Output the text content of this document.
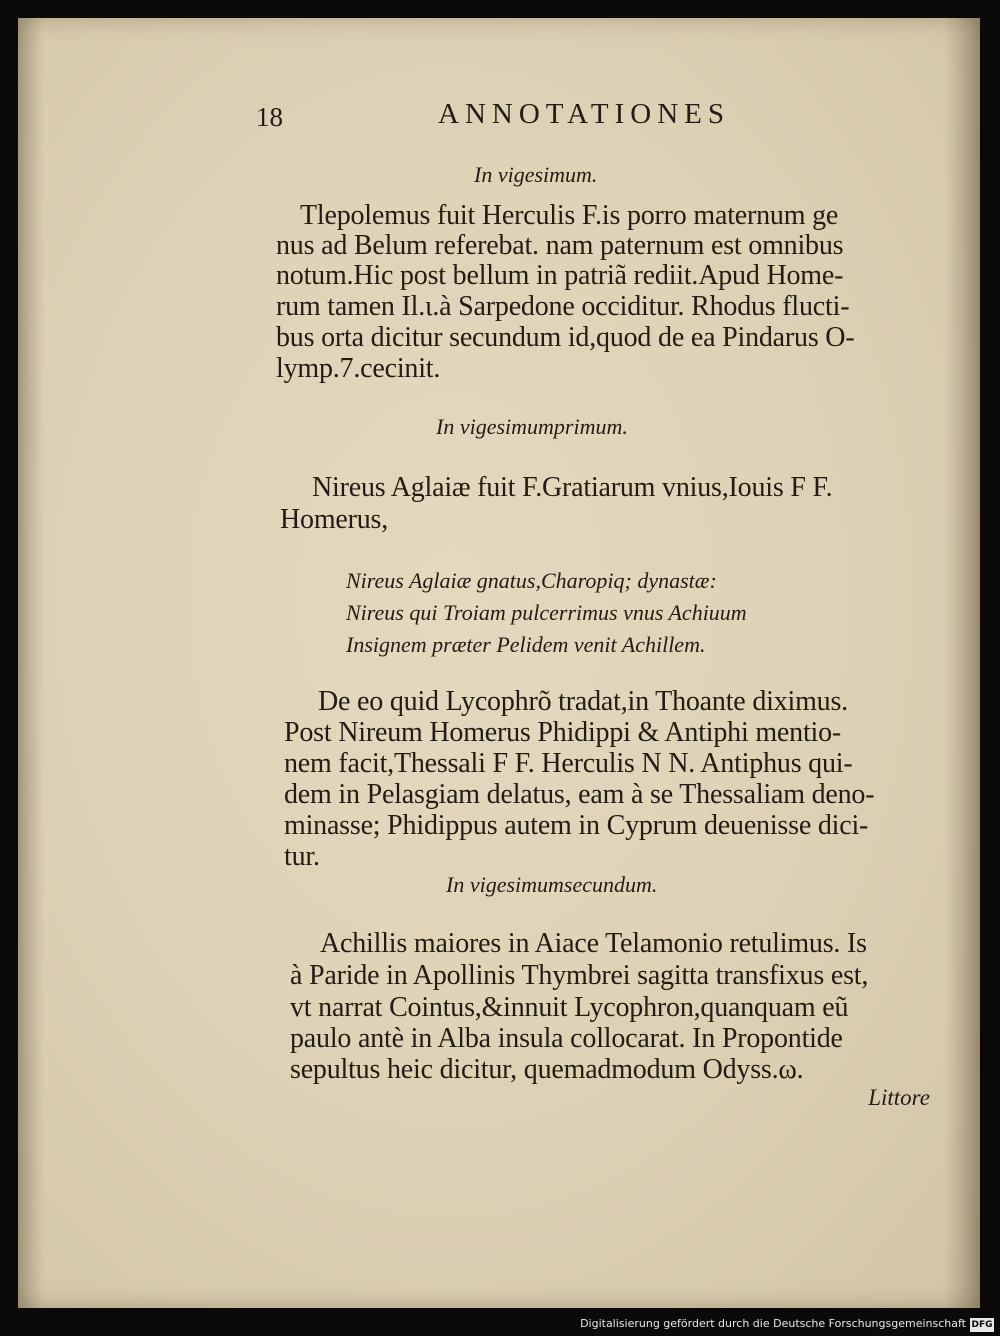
18	ANNOTATIONES
In vigesimum.
Tlepolemus fuit Herculis F.is porro maternum ge
nus ad Belum referebat. nam paternum est omnibus
notum.Hic post bellum in patriã rediit.Apud Home-
rum tamen Il.ι.à Sarpedone occiditur. Rhodus flucti-
bus orta dicitur secundum id,quod de ea Pindarus O-
lymp.7.cecinit.
In vigesimumprimum.
Nireus Aglaiæ fuit F.Gratiarum vnius,Iouis F F.
Homerus,
Nireus Aglaiæ gnatus,Charopiq; dynastæ:
Nireus qui Troiam pulcerrimus vnus Achiuum
Insignem præter Pelidem venit Achillem.
De eo quid Lycophrõ tradat,in Thoante diximus.
Post Nireum Homerus Phidippi & Antiphi mentio-
nem facit,Thessali F F. Herculis N N. Antiphus qui-
dem in Pelasgiam delatus, eam à se Thessaliam deno-
minasse; Phidippus autem in Cyprum deuenisse dici-
tur.
In vigesimumsecundum.
Achillis maiores in Aiace Telamonio retulimus. Is
à Paride in Apollinis Thymbrei sagitta transfixus est,
vt narrat Cointus,&innuit Lycophron,quanquam eũ
paulo antè in Alba insula collocarat. In Propontide
sepultus heic dicitur, quemadmodum Odyss.ω.
Littore
Digitalisierung gefördert durch die Deutsche Forschungsgemeinschaft DFG
